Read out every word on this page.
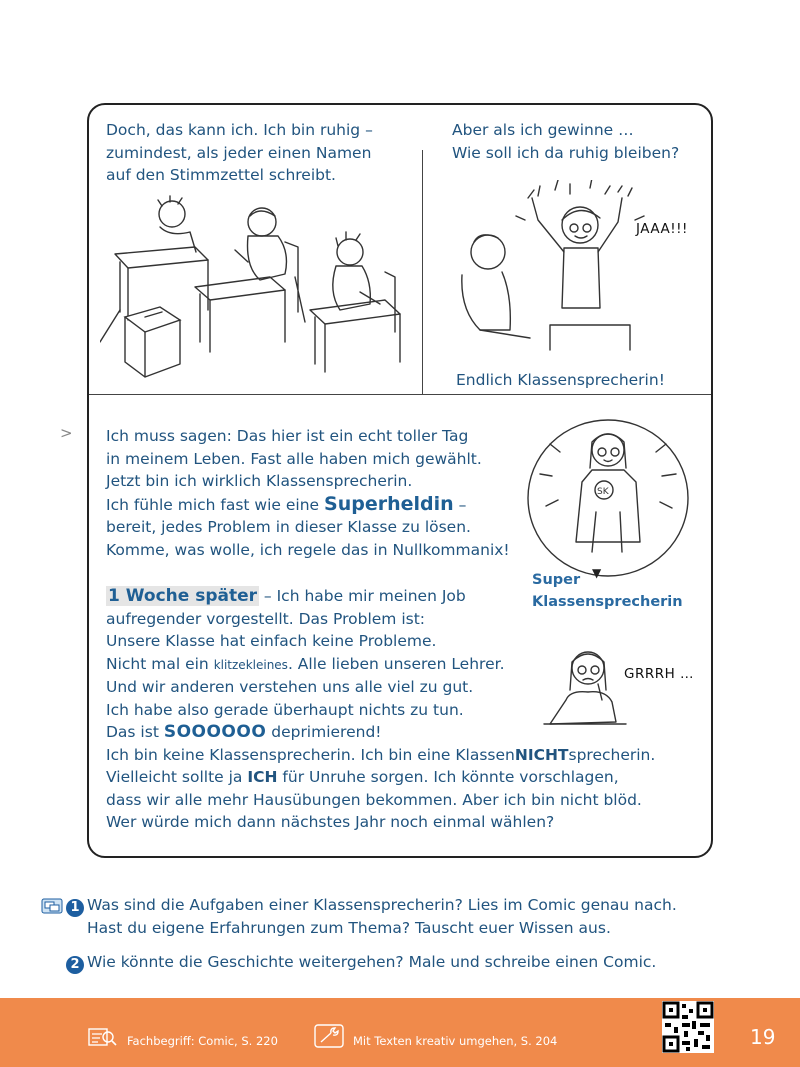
Doch, das kann ich. Ich bin ruhig –
zumindest, als jeder einen Namen
auf den Stimmzettel schreibt.
Aber als ich gewinne …
Wie soll ich da ruhig bleiben?
JAAA!!!
Endlich Klassensprecherin!
> Ich muss sagen: Das hier ist ein echt toller Tag
in meinem Leben. Fast alle haben mich gewählt.
Jetzt bin ich wirklich Klassensprecherin.
Ich fühle mich fast wie eine Superheldin –
bereit, jedes Problem in dieser Klasse zu lösen.
Komme, was wolle, ich regele das in Nullkommanix!
SK
Super
Klassensprecherin
▼
1 Woche später – Ich habe mir meinen Job
aufregender vorgestellt. Das Problem ist:
Unsere Klasse hat einfach keine Probleme.
Nicht mal ein klitzekleines. Alle lieben unseren Lehrer.
Und wir anderen verstehen uns alle viel zu gut.
Ich habe also gerade überhaupt nichts zu tun.
Das ist SOOOOOO deprimierend!
Ich bin keine Klassensprecherin. Ich bin eine KlassenNICHTsprecherin.
Vielleicht sollte ja ICH für Unruhe sorgen. Ich könnte vorschlagen,
dass wir alle mehr Hausübungen bekommen. Aber ich bin nicht blöd.
Wer würde mich dann nächstes Jahr noch einmal wählen?
GRRRH …
1 Was sind die Aufgaben einer Klassensprecherin? Lies im Comic genau nach.
Hast du eigene Erfahrungen zum Thema? Tauscht euer Wissen aus.
2 Wie könnte die Geschichte weitergehen? Male und schreibe einen Comic.
Fachbegriff: Comic, S. 220	Mit Texten kreativ umgehen, S. 204	19
